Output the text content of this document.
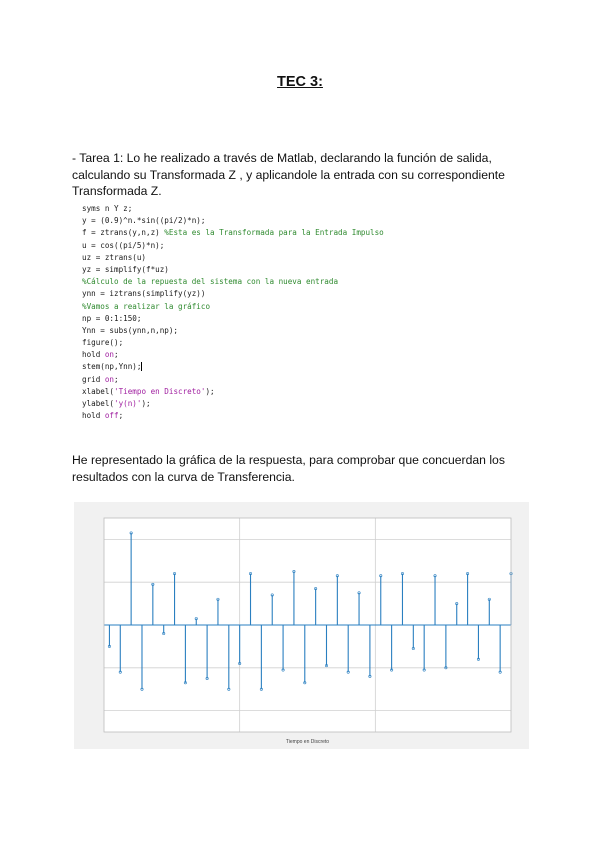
TEC 3:
- Tarea 1: Lo he realizado a través de Matlab, declarando la función de salida, calculando su Transformada Z , y aplicandole la entrada con su correspondiente Transformada Z.
syms n Y z;
y = (0.9)^n.*sin((pi/2)*n);
f = ztrans(y,n,z) %Esta es la Transformada para la Entrada Impulso
u = cos((pi/5)*n);
uz = ztrans(u)
yz = simplify(f*uz)
%Cálculo de la repuesta del sistema con la nueva entrada
ynn = iztrans(simplify(yz))
%Vamos a realizar la gráfico
np = 0:1:150;
Ynn = subs(ynn,n,np);
figure();
hold on;
stem(np,Ynn);
grid on;
xlabel('Tiempo en Discreto');
ylabel('y(n)');
hold off;
He representado la gráfica de la respuesta, para comprobar que concuerdan los resultados con la curva de Transferencia.
Tiempo en Discreto
